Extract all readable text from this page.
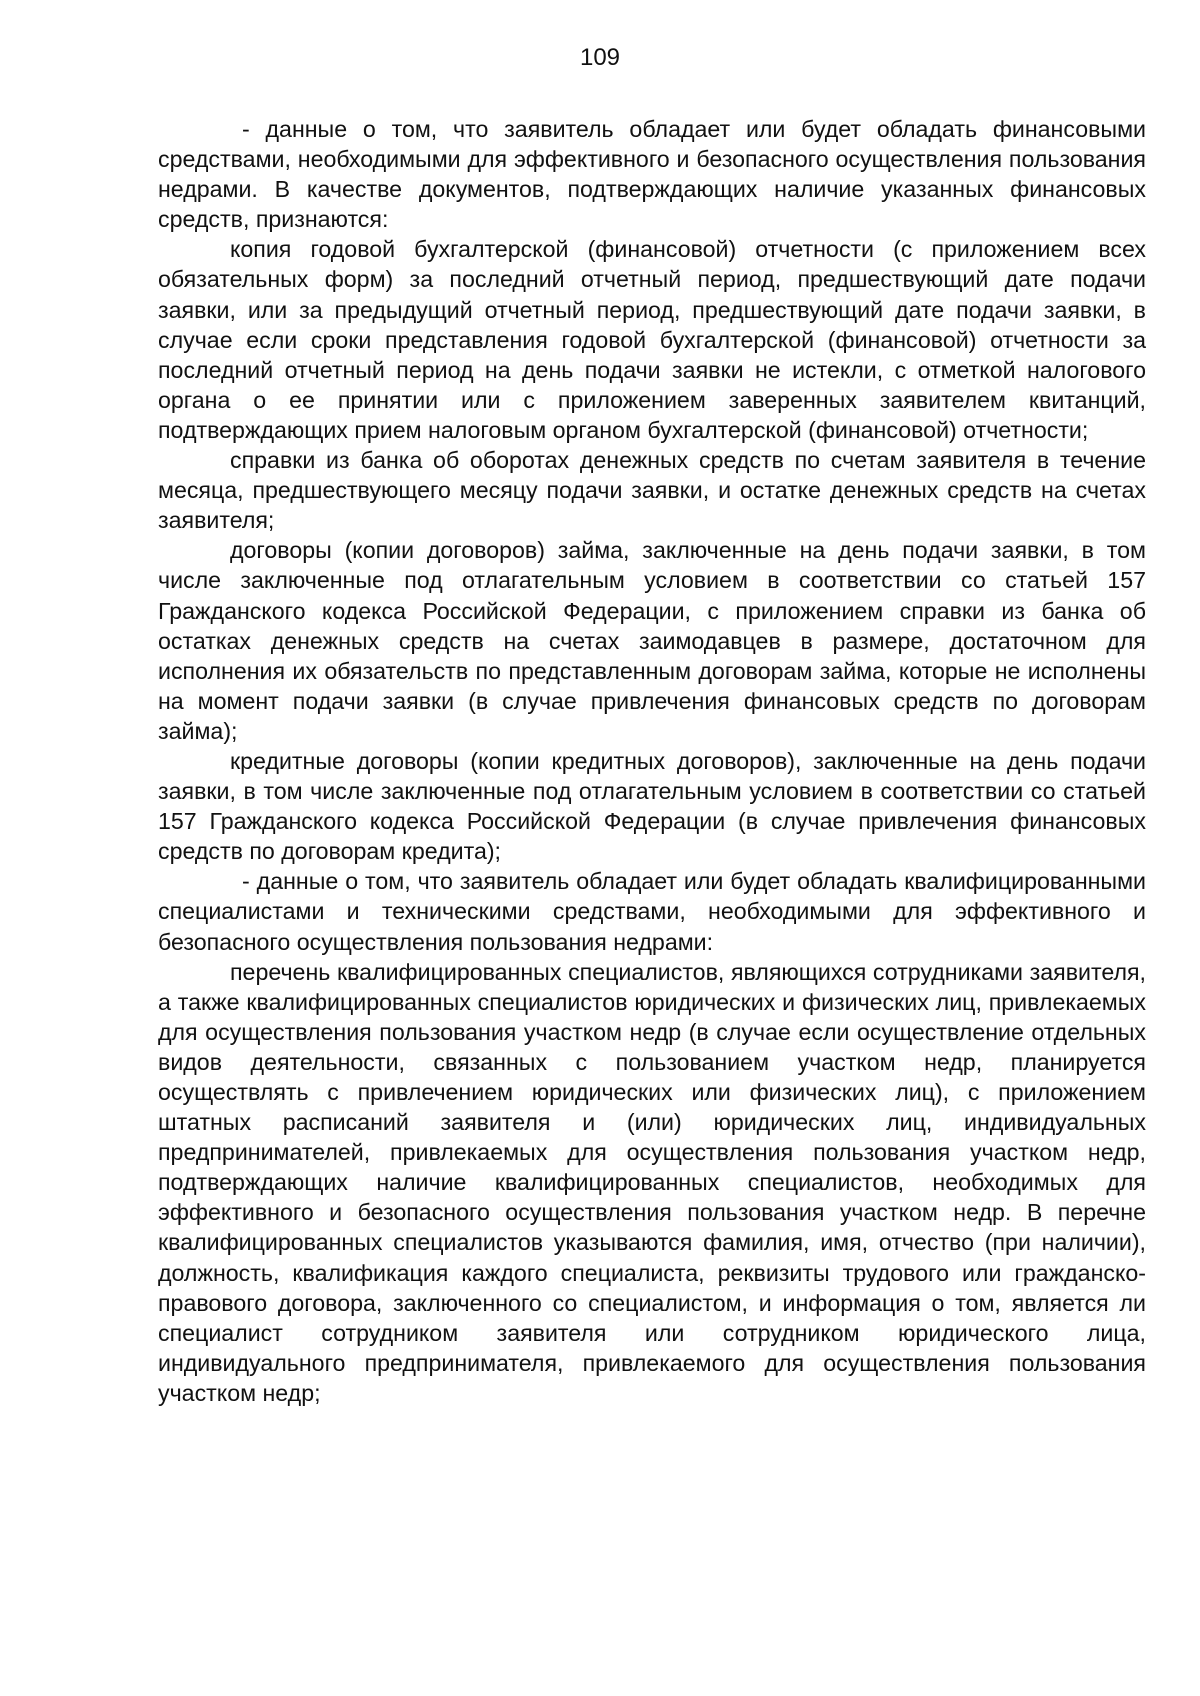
109

- данные о том, что заявитель обладает или будет обладать финансовыми средствами, необходимыми для эффективного и безопасного осуществления пользования недрами. В качестве документов, подтверждающих наличие указанных финансовых средств, признаются:

копия годовой бухгалтерской (финансовой) отчетности (с приложением всех обязательных форм) за последний отчетный период, предшествующий дате подачи заявки, или за предыдущий отчетный период, предшествующий дате подачи заявки, в случае если сроки представления годовой бухгалтерской (финансовой) отчетности за последний отчетный период на день подачи заявки не истекли, с отметкой налогового органа о ее принятии или с приложением заверенных заявителем квитанций, подтверждающих прием налоговым органом бухгалтерской (финансовой) отчетности;

справки из банка об оборотах денежных средств по счетам заявителя в течение месяца, предшествующего месяцу подачи заявки, и остатке денежных средств на счетах заявителя;

договоры (копии договоров) займа, заключенные на день подачи заявки, в том числе заключенные под отлагательным условием в соответствии со статьей 157 Гражданского кодекса Российской Федерации, с приложением справки из банка об остатках денежных средств на счетах заимодавцев в размере, достаточном для исполнения их обязательств по представленным договорам займа, которые не исполнены на момент подачи заявки (в случае привлечения финансовых средств по договорам займа);

кредитные договоры (копии кредитных договоров), заключенные на день подачи заявки, в том числе заключенные под отлагательным условием в соответствии со статьей 157 Гражданского кодекса Российской Федерации (в случае привлечения финансовых средств по договорам кредита);

- данные о том, что заявитель обладает или будет обладать квалифицированными специалистами и техническими средствами, необходимыми для эффективного и безопасного осуществления пользования недрами:

перечень квалифицированных специалистов, являющихся сотрудниками заявителя, а также квалифицированных специалистов юридических и физических лиц, привлекаемых для осуществления пользования участком недр (в случае если осуществление отдельных видов деятельности, связанных с пользованием участком недр, планируется осуществлять с привлечением юридических или физических лиц), с приложением штатных расписаний заявителя и (или) юридических лиц, индивидуальных предпринимателей, привлекаемых для осуществления пользования участком недр, подтверждающих наличие квалифицированных специалистов, необходимых для эффективного и безопасного осуществления пользования участком недр. В перечне квалифицированных специалистов указываются фамилия, имя, отчество (при наличии), должность, квалификация каждого специалиста, реквизиты трудового или гражданско-правового договора, заключенного со специалистом, и информация о том, является ли специалист сотрудником заявителя или сотрудником юридического лица, индивидуального предпринимателя, привлекаемого для осуществления пользования участком недр;
